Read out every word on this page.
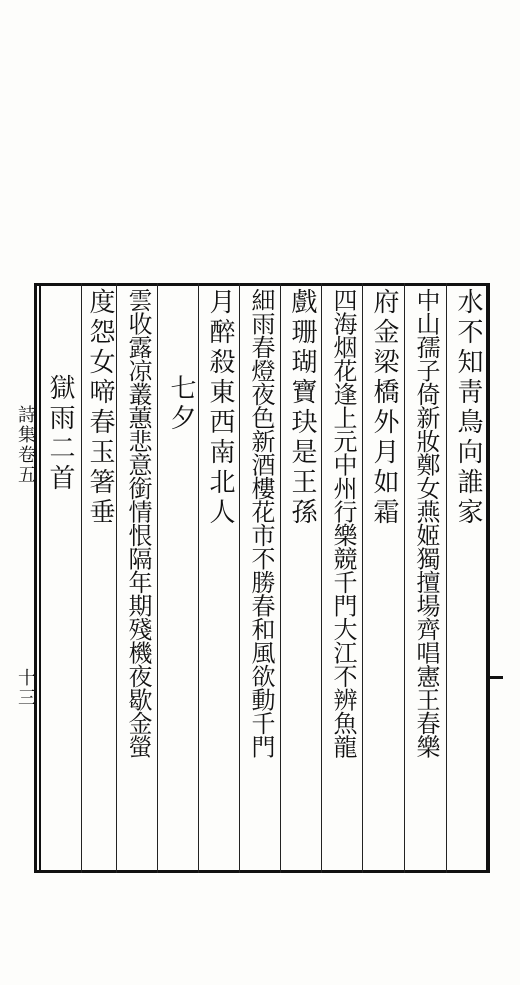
水不知靑鳥向誰家
中山孺子倚新妝鄭女燕姬獨擅場齊唱憲王春樂
府金梁橋外月如霜
四海烟花逢上元中州行樂競千門大江不辨魚龍
戲珊瑚寶玦是王孫
細雨春燈夜色新酒樓花市不勝春和風欲動千門
月醉殺東西南北人
七夕
雲收露凉叢蕙悲意銜情恨隔年期殘機夜歇金螢
度怨女啼春玉箸垂
獄雨二首
詩集卷五
十三
